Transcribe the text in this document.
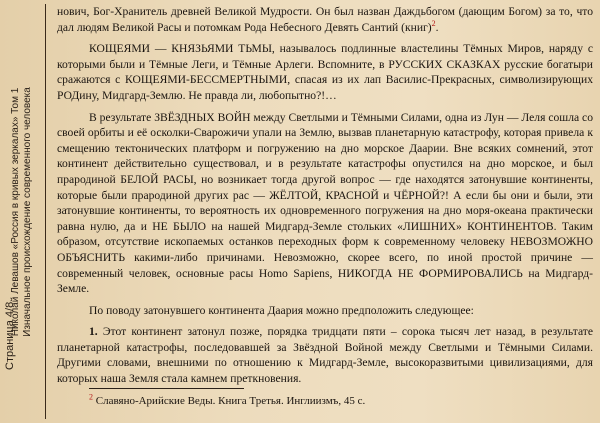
Николай Левашов «Россия в кривых зеркалах» Том 1 Изначальное происхождение современного человека
Страница 4/8

нович, Бог-Хранитель древней Великой Мудрости. Он был назван Даждьбогом (дающим Богом) за то, что дал людям Великой Расы и потомкам Рода Небесного Девять Сантий (книг)$^2$.

КОЩЕЯМИ — КНЯЗЬЯМИ ТЬМЫ, называлось подлинные властелины Тёмных Миров, наряду с которыми были и Тёмные Леги, и Тёмные Арлеги. Вспомните, в РУССКИХ СКАЗКАХ русские богатыри сражаются с КОЩЕЯМИ-БЕССМЕРТНЫМИ, спасая из их лап Василис-Прекрасных, символизирующих РОДину, Мидгард-Землю. Не правда ли, любопытно?!…

В результате ЗВЁЗДНЫХ ВОЙН между Светлыми и Тёмными Силами, одна из Лун — Леля сошла со своей орбиты и её осколки-Сварожичи упали на Землю, вызвав планетарную катастрофу, которая привела к смещению тектонических платформ и погружению на дно морское Даарии. Вне всяких сомнений, этот континент действительно существовал, и в результате катастрофы опустился на дно морское, и был прародиной БЕЛОЙ РАСЫ, но возникает тогда другой вопрос — где находятся затонувшие континенты, которые были прародиной других рас — ЖЁЛТОЙ, КРАСНОЙ и ЧЁРНОЙ?! А если бы они и были, эти затонувшие континенты, то вероятность их одновременного погружения на дно моря-океана практически равна нулю, да и НЕ БЫЛО на нашей Мидгард-Земле стольких «ЛИШНИХ» КОНТИНЕНТОВ. Таким образом, отсутствие ископаемых останков переходных форм к современному человеку НЕВОЗМОЖНО ОБЪЯСНИТЬ какими-либо причинами. Невозможно, скорее всего, по иной простой причине — современный человек, основные расы Homo Sapiens, НИКОГДА НЕ ФОРМИРОВАЛИСЬ на Мидгард-Земле.

По поводу затонувшего континента Даария можно предположить следующее:

1. Этот континент затонул позже, порядка тридцати пяти – сорока тысяч лет назад, в результате планетарной катастрофы, последовавшей за Звёздной Войной между Светлыми и Тёмными Силами. Другими словами, внешними по отношению к Мидгард-Земле, высокоразвитыми цивилизациями, для которых наша Земля стала камнем преткновения.

$^2$ Славяно-Арийские Веды. Книга Третья. Инглиизмъ, 45 с.
